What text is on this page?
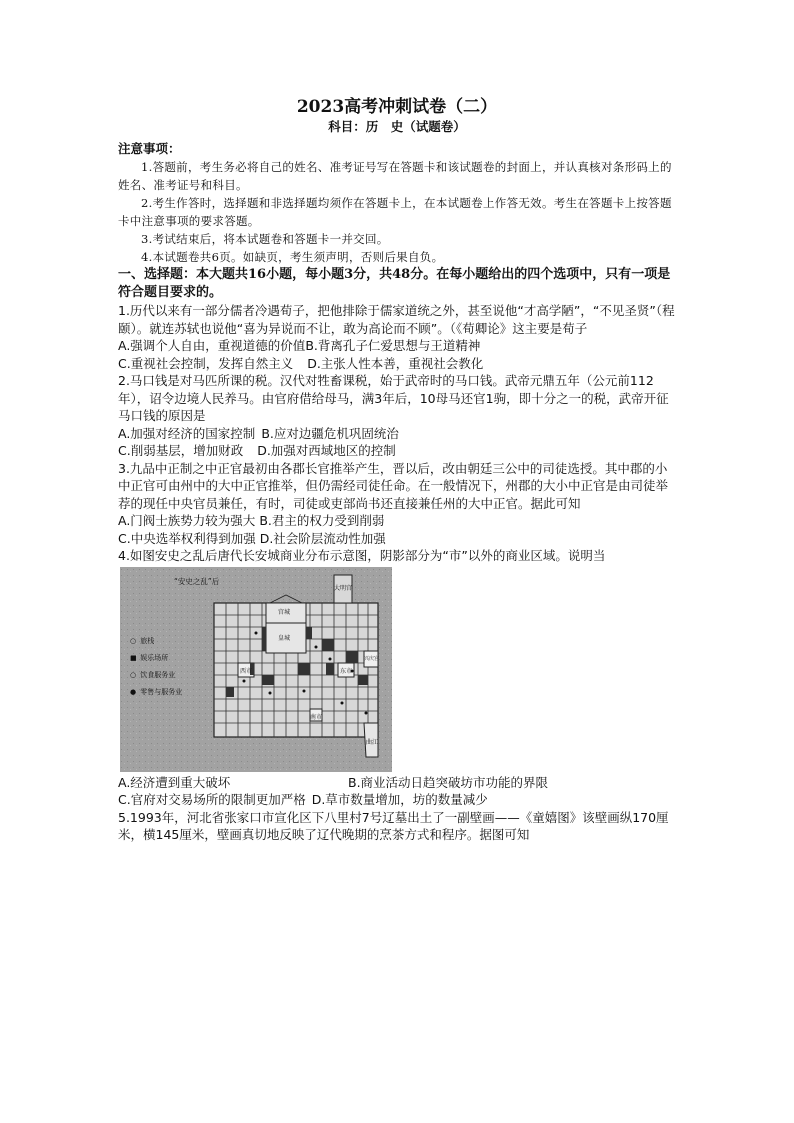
2023高考冲刺试卷（二）

科目：历　史（试题卷）

注意事项：

1.答题前，考生务必将自己的姓名、准考证号写在答题卡和该试题卷的封面上，并认真核对条形码上的姓名、准考证号和科目。

2.考生作答时，选择题和非选择题均须作在答题卡上，在本试题卷上作答无效。考生在答题卡上按答题卡中注意事项的要求答题。

3.考试结束后，将本试题卷和答题卡一并交回。

4.本试题卷共6页。如缺页，考生须声明，否则后果自负。

一、选择题：本大题共16小题，每小题3分，共48分。在每小题给出的四个选项中，只有一项是符合题目要求的。

1.历代以来有一部分儒者冷遇荀子，把他排除于儒家道统之外，甚至说他“才高学陋”，“不见圣贤”（程颐）。就连苏轼也说他“喜为异说而不让，敢为高论而不顾”。（《荀卿论》这主要是荀子

A.强调个人自由，重视道德的价值B.背离孔子仁爱思想与王道精神

C.重视社会控制，发挥自然主义 D.主张人性本善，重视社会教化

2.马口钱是对马匹所课的税。汉代对牲畜课税，始于武帝时的马口钱。武帝元鼎五年（公元前112年），诏令边境人民养马。由官府借给母马，满3年后，10母马还官1驹，即十分之一的税，武帝开征马口钱的原因是

A.加强对经济的国家控制 B.应对边疆危机巩固统治

C.削弱基层，增加财政 D.加强对西域地区的控制

3.九品中正制之中正官最初由各郡长官推举产生，晋以后，改由朝廷三公中的司徒选授。其中郡的小中正官可由州中的大中正官推举，但仍需经司徒任命。在一般情况下，州郡的大小中正官是由司徒举荐的现任中央官员兼任，有时，司徒或吏部尚书还直接兼任州的大中正官。据此可知

A.门阀士族势力较为强大 B.君主的权力受到削弱

C.中央选举权利得到加强 D.社会阶层流动性加强

4.如图安史之乱后唐代长安城商业分布示意图，阴影部分为“市”以外的商业区域。说明当

“安史之乱”后
○ 旅栈
■ 娱乐场所
○ 饮食服务业
● 零售与服务业
大明宫
宫城
皇城
西市	东市
兴庆宫
南市
曲江

A.经济遭到重大破坏	B.商业活动日趋突破坊市功能的界限

C.官府对交易场所的限制更加严格 D.草市数量增加，坊的数量减少

5.1993年，河北省张家口市宣化区下八里村7号辽墓出土了一副壁画——《童嬉图》该壁画纵170厘米，横145厘米，壁画真切地反映了辽代晚期的烹茶方式和程序。据图可知
